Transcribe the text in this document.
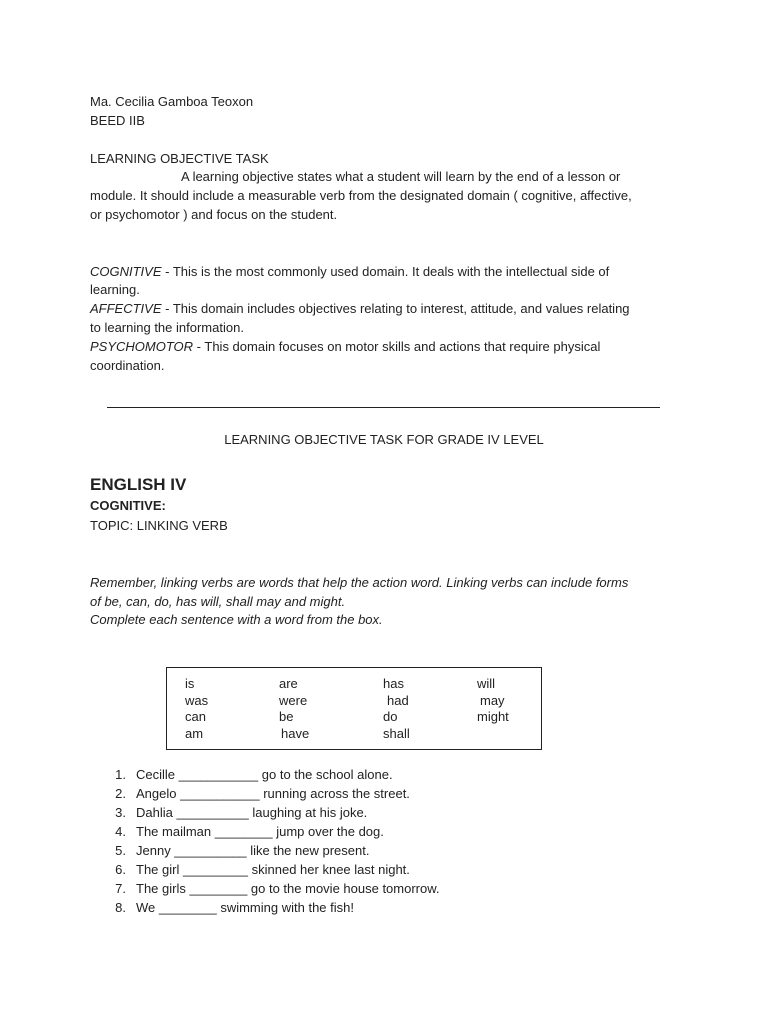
Ma. Cecilia Gamboa Teoxon
BEED IIB
LEARNING OBJECTIVE TASK
A learning objective states what a student will learn by the end of a lesson or
module. It should include a measurable verb from the designated domain ( cognitive, affective,
or psychomotor ) and focus on the student.
COGNITIVE - This is the most commonly used domain. It deals with the intellectual side of
learning.
AFFECTIVE - This domain includes objectives relating to interest, attitude, and values relating
to learning the information.
PSYCHOMOTOR - This domain focuses on motor skills and actions that require physical
coordination.
LEARNING OBJECTIVE TASK FOR GRADE IV LEVEL
ENGLISH IV
COGNITIVE:
TOPIC: LINKING VERB
Remember, linking verbs are words that help the action word. Linking verbs can include forms
of be, can, do, has will, shall may and might.
Complete each sentence with a word from the box.
is	are	has	will
was	were	had	may
can	be	do	might
am	have	shall
1. Cecille ___________ go to the school alone.
2. Angelo ___________ running across the street.
3. Dahlia __________ laughing at his joke.
4. The mailman ________ jump over the dog.
5. Jenny __________ like the new present.
6. The girl _________ skinned her knee last night.
7. The girls ________ go to the movie house tomorrow.
8. We ________ swimming with the fish!
